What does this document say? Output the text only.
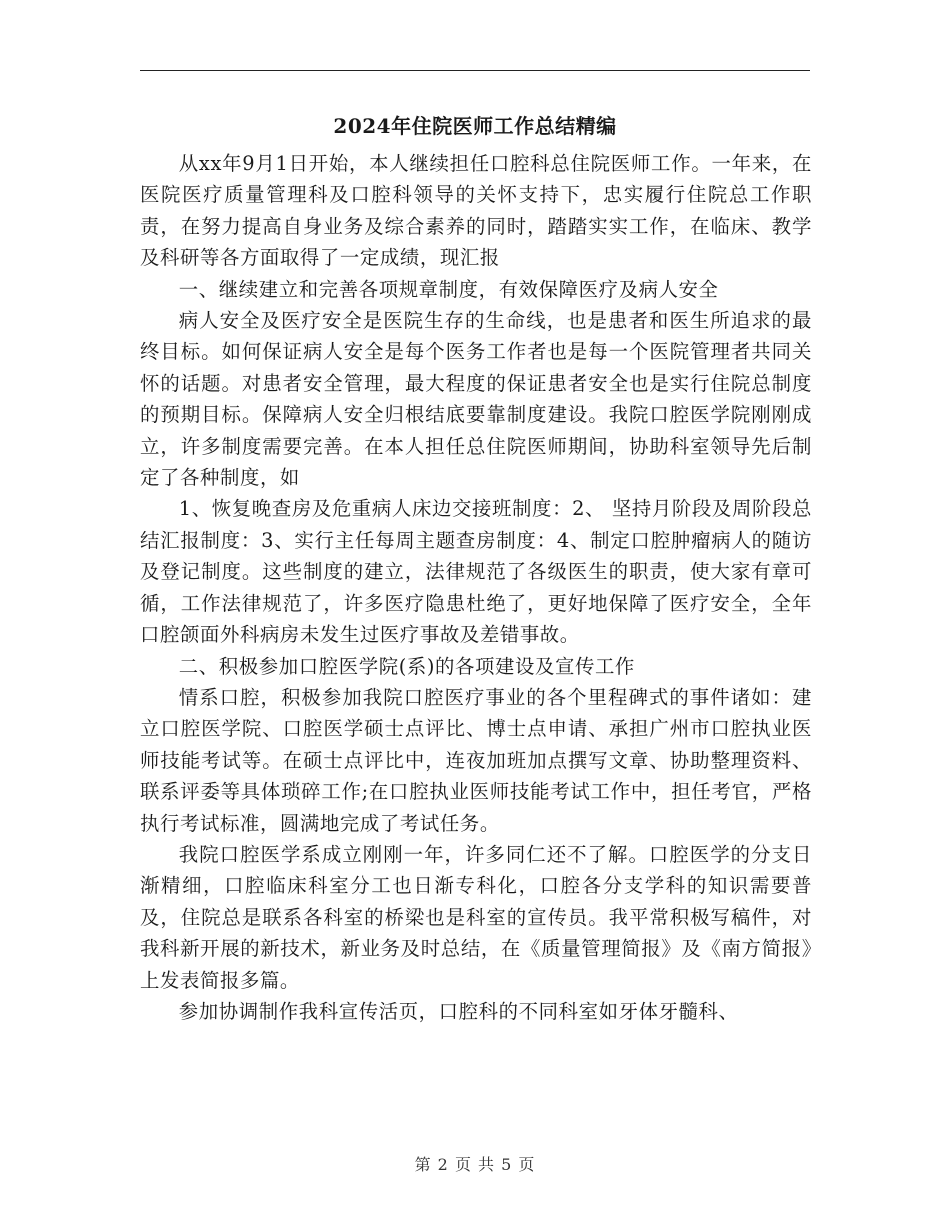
2024年住院医师工作总结精编

从xx年9月1日开始，本人继续担任口腔科总住院医师工作。一年来，在医院医疗质量管理科及口腔科领导的关怀支持下，忠实履行住院总工作职责，在努力提高自身业务及综合素养的同时，踏踏实实工作，在临床、教学及科研等各方面取得了一定成绩，现汇报

一、继续建立和完善各项规章制度，有效保障医疗及病人安全

病人安全及医疗安全是医院生存的生命线，也是患者和医生所追求的最终目标。如何保证病人安全是每个医务工作者也是每一个医院管理者共同关怀的话题。对患者安全管理，最大程度的保证患者安全也是实行住院总制度的预期目标。保障病人安全归根结底要靠制度建设。我院口腔医学院刚刚成立，许多制度需要完善。在本人担任总住院医师期间，协助科室领导先后制定了各种制度，如

1、恢复晚查房及危重病人床边交接班制度：2、 坚持月阶段及周阶段总结汇报制度：3、实行主任每周主题查房制度：4、制定口腔肿瘤病人的随访及登记制度。这些制度的建立，法律规范了各级医生的职责，使大家有章可循，工作法律规范了，许多医疗隐患杜绝了，更好地保障了医疗安全，全年口腔颌面外科病房未发生过医疗事故及差错事故。

二、积极参加口腔医学院(系)的各项建设及宣传工作

情系口腔，积极参加我院口腔医疗事业的各个里程碑式的事件诸如：建立口腔医学院、口腔医学硕士点评比、博士点申请、承担广州市口腔执业医师技能考试等。在硕士点评比中，连夜加班加点撰写文章、协助整理资料、联系评委等具体琐碎工作;在口腔执业医师技能考试工作中，担任考官，严格执行考试标准，圆满地完成了考试任务。

我院口腔医学系成立刚刚一年，许多同仁还不了解。口腔医学的分支日渐精细，口腔临床科室分工也日渐专科化，口腔各分支学科的知识需要普及，住院总是联系各科室的桥梁也是科室的宣传员。我平常积极写稿件，对我科新开展的新技术，新业务及时总结，在《质量管理简报》及《南方简报》上发表简报多篇。

参加协调制作我科宣传活页，口腔科的不同科室如牙体牙髓科、

第 2 页 共 5 页
